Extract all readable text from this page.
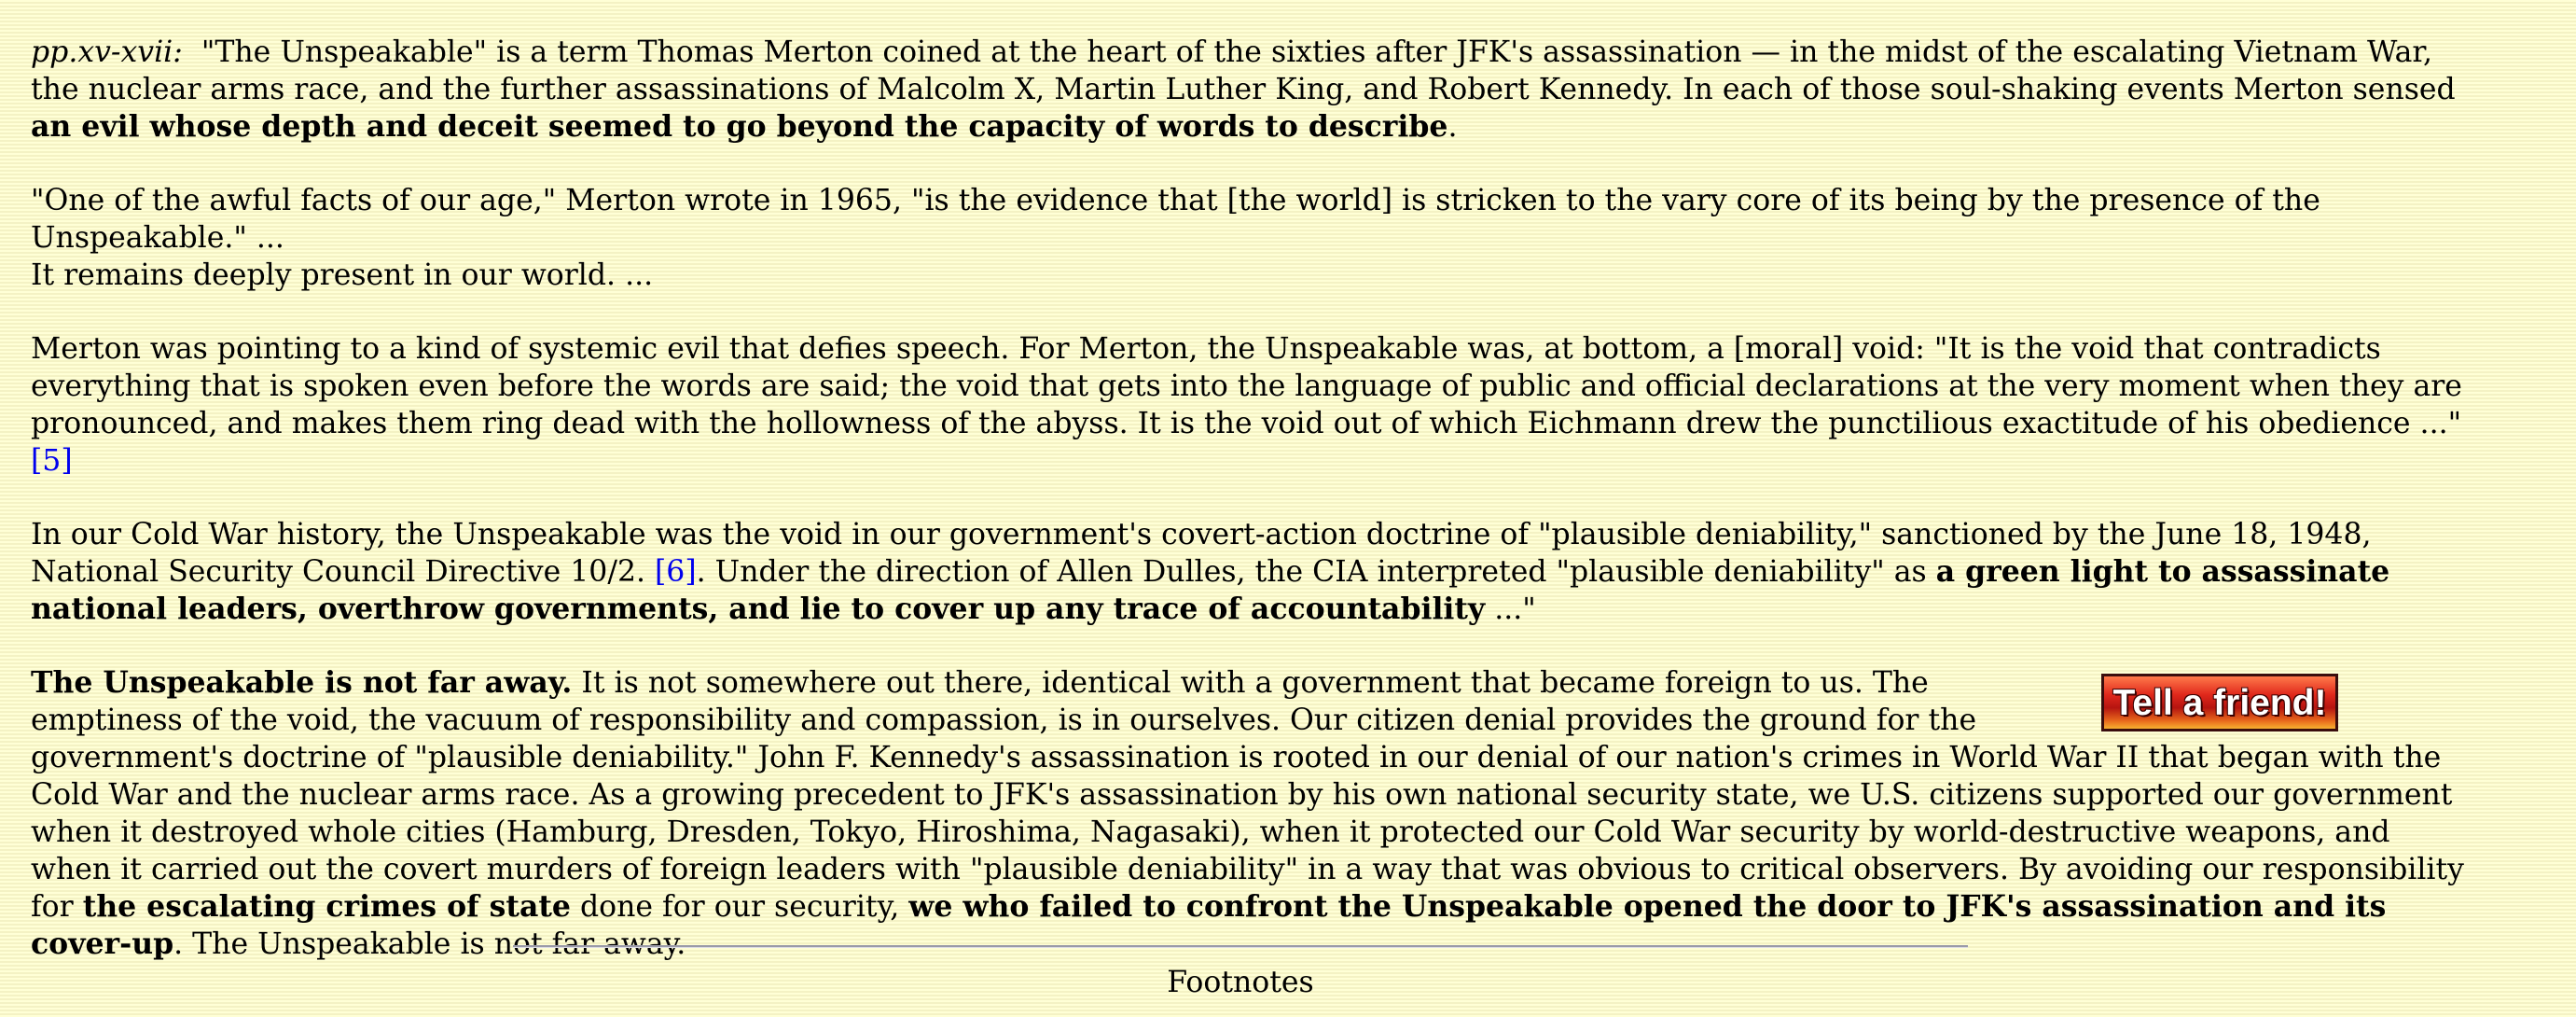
pp.xv-xvii:  "The Unspeakable" is a term Thomas Merton coined at the heart of the sixties after JFK's assassination — in the midst of the escalating Vietnam War, the nuclear arms race, and the further assassinations of Malcolm X, Martin Luther King, and Robert Kennedy. In each of those soul-shaking events Merton sensed an evil whose depth and deceit seemed to go beyond the capacity of words to describe.

"One of the awful facts of our age," Merton wrote in 1965, "is the evidence that [the world] is stricken to the vary core of its being by the presence of the Unspeakable." ...
It remains deeply present in our world. ...

Merton was pointing to a kind of systemic evil that defies speech. For Merton, the Unspeakable was, at bottom, a [moral] void: "It is the void that contradicts everything that is spoken even before the words are said; the void that gets into the language of public and official declarations at the very moment when they are pronounced, and makes them ring dead with the hollowness of the abyss. It is the void out of which Eichmann drew the punctilious exactitude of his obedience ..." [5]

In our Cold War history, the Unspeakable was the void in our government's covert-action doctrine of "plausible deniability," sanctioned by the June 18, 1948, National Security Council Directive 10/2. [6]. Under the direction of Allen Dulles, the CIA interpreted "plausible deniability" as a green light to assassinate national leaders, overthrow governments, and lie to cover up any trace of accountability ..."

Tell a friend!
The Unspeakable is not far away. It is not somewhere out there, identical with a government that became foreign to us. The emptiness of the void, the vacuum of responsibility and compassion, is in ourselves. Our citizen denial provides the ground for the government's doctrine of "plausible deniability." John F. Kennedy's assassination is rooted in our denial of our nation's crimes in World War II that began with the Cold War and the nuclear arms race. As a growing precedent to JFK's assassination by his own national security state, we U.S. citizens supported our government when it destroyed whole cities (Hamburg, Dresden, Tokyo, Hiroshima, Nagasaki), when it protected our Cold War security by world-destructive weapons, and when it carried out the covert murders of foreign leaders with "plausible deniability" in a way that was obvious to critical observers. By avoiding our responsibility for the escalating crimes of state done for our security, we who failed to confront the Unspeakable opened the door to JFK's assassination and its cover-up. The Unspeakable is not far away.

Footnotes
